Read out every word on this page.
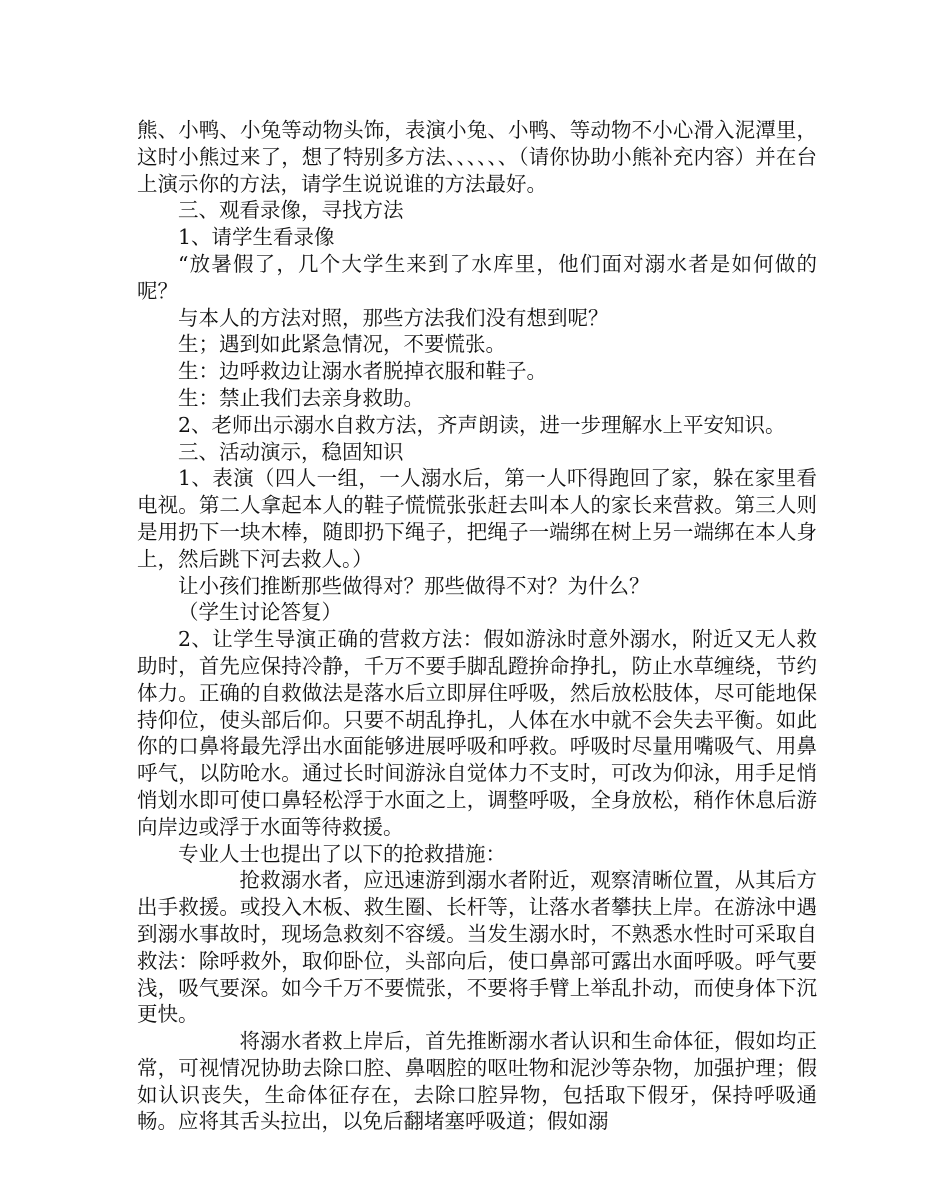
熊、小鸭、小兔等动物头饰，表演小兔、小鸭、等动物不小心滑入泥潭里，这时小熊过来了，想了特别多方法、、、、、、（请你协助小熊补充内容）并在台上演示你的方法，请学生说说谁的方法最好。

三、观看录像，寻找方法

1、请学生看录像

“放暑假了，几个大学生来到了水库里，他们面对溺水者是如何做的呢？

与本人的方法对照，那些方法我们没有想到呢？

生；遇到如此紧急情况，不要慌张。

生：边呼救边让溺水者脱掉衣服和鞋子。

生：禁止我们去亲身救助。

2、老师出示溺水自救方法，齐声朗读，进一步理解水上平安知识。

三、活动演示，稳固知识

1、表演（四人一组，一人溺水后，第一人吓得跑回了家，躲在家里看电视。第二人拿起本人的鞋子慌慌张张赶去叫本人的家长来营救。第三人则是用扔下一块木棒，随即扔下绳子，把绳子一端绑在树上另一端绑在本人身上，然后跳下河去救人。）

让小孩们推断那些做得对？那些做得不对？为什么？

（学生讨论答复）

2、让学生导演正确的营救方法：假如游泳时意外溺水，附近又无人救助时，首先应保持冷静，千万不要手脚乱蹬拚命挣扎，防止水草缠绕，节约体力。正确的自救做法是落水后立即屏住呼吸，然后放松肢体，尽可能地保持仰位，使头部后仰。只要不胡乱挣扎，人体在水中就不会失去平衡。如此你的口鼻将最先浮出水面能够进展呼吸和呼救。呼吸时尽量用嘴吸气、用鼻呼气，以防呛水。通过长时间游泳自觉体力不支时，可改为仰泳，用手足悄悄划水即可使口鼻轻松浮于水面之上，调整呼吸，全身放松，稍作休息后游向岸边或浮于水面等待救援。

专业人士也提出了以下的抢救措施：

抢救溺水者，应迅速游到溺水者附近，观察清晰位置，从其后方出手救援。或投入木板、救生圈、长杆等，让落水者攀扶上岸。在游泳中遇到溺水事故时，现场急救刻不容缓。当发生溺水时，不熟悉水性时可采取自救法：除呼救外，取仰卧位，头部向后，使口鼻部可露出水面呼吸。呼气要浅，吸气要深。如今千万不要慌张，不要将手臂上举乱扑动，而使身体下沉更快。

将溺水者救上岸后，首先推断溺水者认识和生命体征，假如均正常，可视情况协助去除口腔、鼻咽腔的呕吐物和泥沙等杂物，加强护理；假如认识丧失，生命体征存在，去除口腔异物，包括取下假牙，保持呼吸通畅。应将其舌头拉出，以免后翻堵塞呼吸道；假如溺
